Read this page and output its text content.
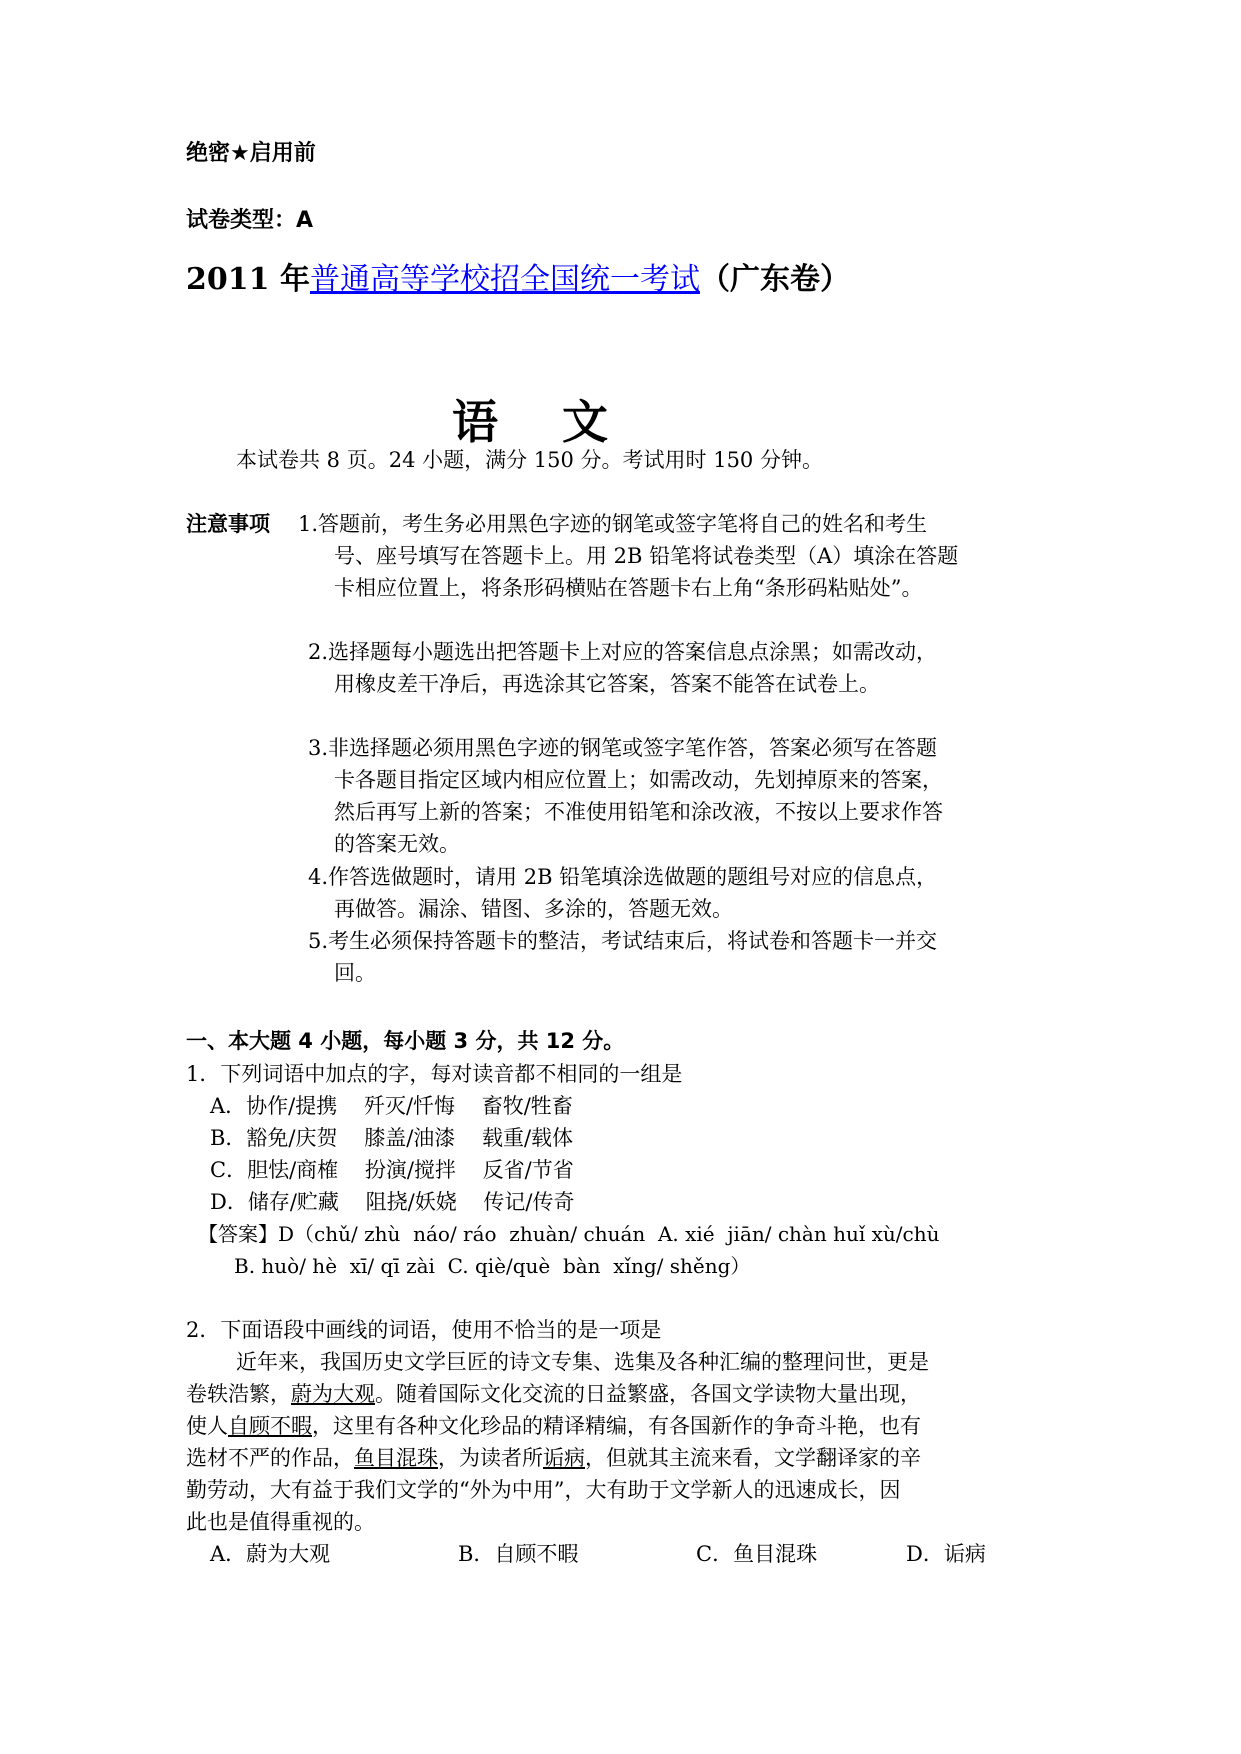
绝密★启用前
试卷类型：A
2011 年普通高等学校招全国统一考试（广东卷）
语    文
本试卷共 8 页。24 小题，满分 150 分。考试用时 150 分钟。
注意事项 1.答题前，考生务必用黑色字迹的钢笔或签字笔将自己的姓名和考生
号、座号填写在答题卡上。用 2B 铅笔将试卷类型（A）填涂在答题
卡相应位置上，将条形码横贴在答题卡右上角“条形码粘贴处”。
2.选择题每小题选出把答题卡上对应的答案信息点涂黑；如需改动，
用橡皮差干净后，再选涂其它答案，答案不能答在试卷上。
3.非选择题必须用黑色字迹的钢笔或签字笔作答，答案必须写在答题
卡各题目指定区域内相应位置上；如需改动，先划掉原来的答案，
然后再写上新的答案；不准使用铅笔和涂改液，不按以上要求作答
的答案无效。
4.作答选做题时，请用 2B 铅笔填涂选做题的题组号对应的信息点，
再做答。漏涂、错图、多涂的，答题无效。
5.考生必须保持答题卡的整洁，考试结束后，将试卷和答题卡一并交
回。
一、本大题 4 小题，每小题 3 分，共 12 分。
1．下列词语中加点的字，每对读音都不相同的一组是
A．协作/提携    歼灭/忏悔    畜牧/牲畜
B．豁免/庆贺    膝盖/油漆    载重/载体
C．胆怯/商榷    扮演/搅拌    反省/节省
D．储存/贮藏    阻挠/妖娆    传记/传奇
【答案】D（chǔ/ zhù  náo/ ráo  zhuàn/ chuán  A. xié  jiān/ chàn huǐ xù/chù
B. huò/ hè  xī/ qī zài  C. qiè/què  bàn  xǐng/ shěng）
2．下面语段中画线的词语，使用不恰当的是一项是
近年来，我国历史文学巨匠的诗文专集、选集及各种汇编的整理问世，更是
卷轶浩繁，蔚为大观。随着国际文化交流的日益繁盛，各国文学读物大量出现，
使人自顾不暇，这里有各种文化珍品的精译精编，有各国新作的争奇斗艳，也有
选材不严的作品，鱼目混珠，为读者所诟病，但就其主流来看，文学翻译家的辛
勤劳动，大有益于我们文学的“外为中用”，大有助于文学新人的迅速成长，因
此也是值得重视的。
A．蔚为大观	B．自顾不暇	C．鱼目混珠	D．诟病
